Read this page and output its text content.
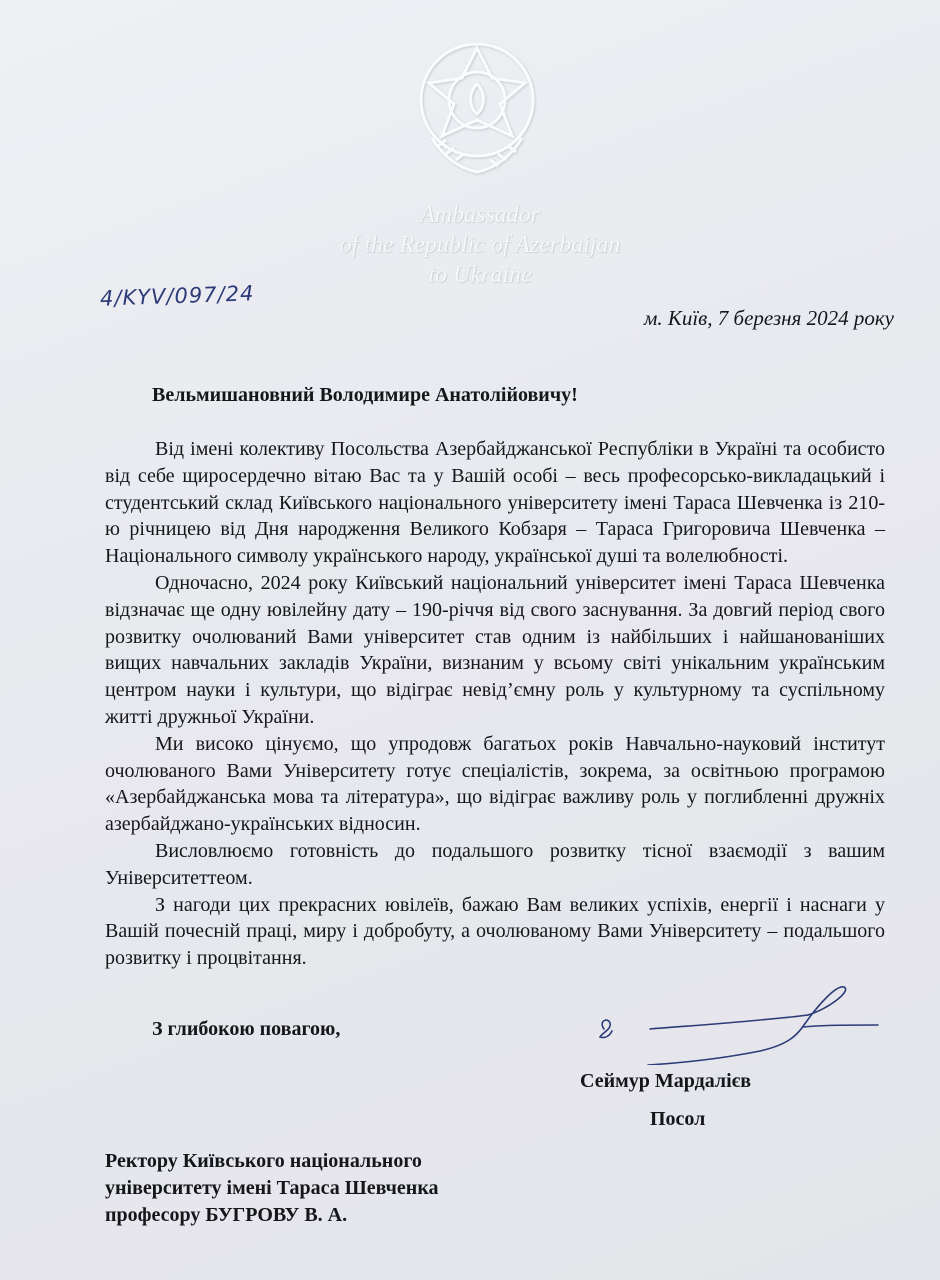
Ambassador
of the Republic of Azerbaijan
to Ukraine
4/KYV/097/24
м. Київ, 7 березня 2024 року
Вельмишановний Володимире Анатолійовичу!

Від імені колективу Посольства Азербайджанської Республіки в Україні та особисто від себе щиросердечно вітаю Вас та у Вашій особі – весь професорсько-викладацький і студентський склад Київського національного університету імені Тараса Шевченка із 210-ю річницею від Дня народження Великого Кобзаря – Тараса Григоровича Шевченка – Національного символу українського народу, української душі та волелюбності.

Одночасно, 2024 року Київський національний університет імені Тараса Шевченка відзначає ще одну ювілейну дату – 190-річчя від свого заснування. За довгий період свого розвитку очолюваний Вами університет став одним із найбільших і найшанованіших вищих навчальних закладів України, визнаним у всьому світі унікальним українським центром науки і культури, що відіграє невід’ємну роль у культурному та суспільному житті дружньої України.

Ми високо цінуємо, що упродовж багатьох років Навчально-науковий інститут очолюваного Вами Університету готує спеціалістів, зокрема, за освітньою програмою «Азербайджанська мова та література», що відіграє важливу роль у поглибленні дружніх азербайджано-українських відносин.

Висловлюємо готовність до подальшого розвитку тісної взаємодії з вашим Університеттеом.

З нагоди цих прекрасних ювілеїв, бажаю Вам великих успіхів, енергії і наснаги у Вашій почесній праці, миру і добробуту, а очолюваному Вами Університету – подальшого розвитку і процвітання.

З глибокою повагою,
Сеймур Мардалієв
Посол
Ректору Київського національного
університету імені Тараса Шевченка
професору БУГРОВУ В. А.
